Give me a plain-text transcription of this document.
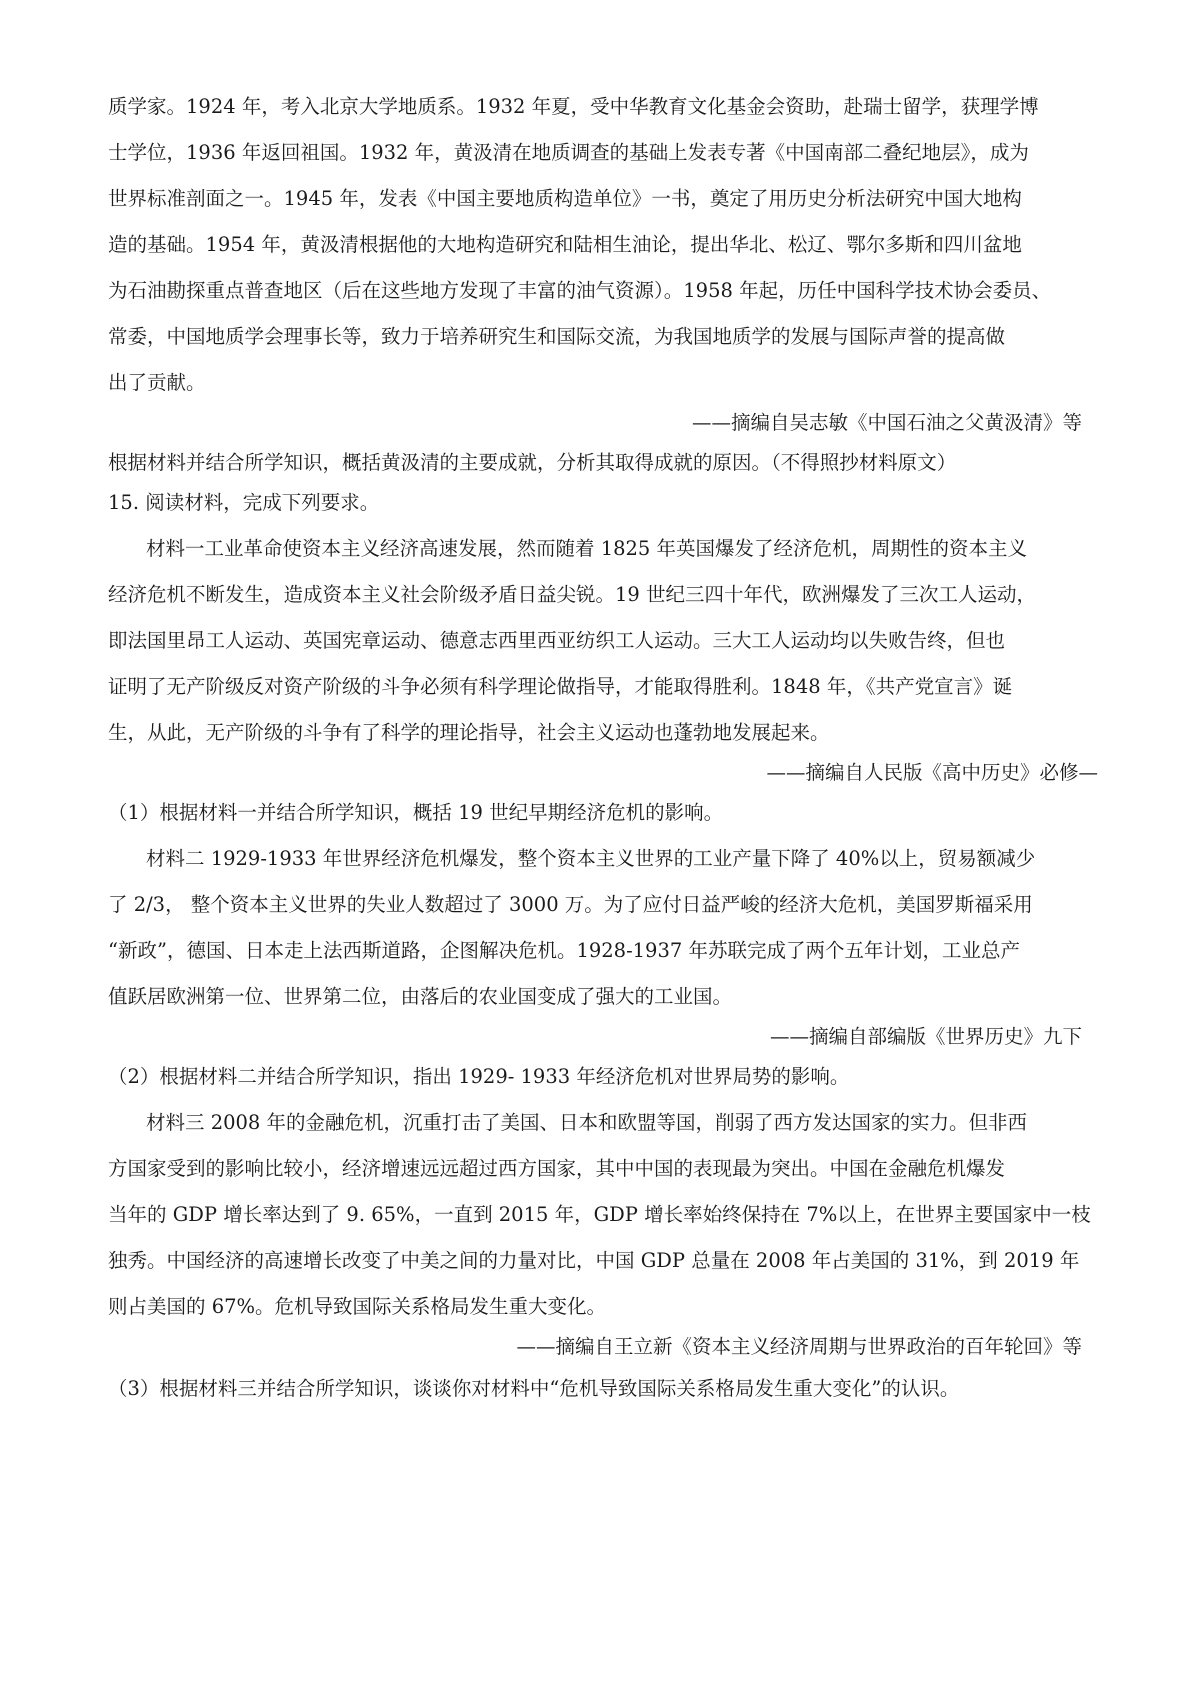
质学家。1924 年，考入北京大学地质系。1932 年夏，受中华教育文化基金会资助，赴瑞士留学，获理学博
士学位，1936 年返回祖国。1932 年，黄汲清在地质调查的基础上发表专著《中国南部二叠纪地层》，成为
世界标准剖面之一。1945 年，发表《中国主要地质构造单位》一书，奠定了用历史分析法研究中国大地构
造的基础。1954 年，黄汲清根据他的大地构造研究和陆相生油论，提出华北、松辽、鄂尔多斯和四川盆地
为石油勘探重点普查地区（后在这些地方发现了丰富的油气资源）。1958 年起，历任中国科学技术协会委员、
常委，中国地质学会理事长等，致力于培养研究生和国际交流，为我国地质学的发展与国际声誉的提高做
出了贡献。
——摘编自吴志敏《中国石油之父黄汲清》等
根据材料并结合所学知识，概括黄汲清的主要成就，分析其取得成就的原因。（不得照抄材料原文）
15. 阅读材料，完成下列要求。
材料一工业革命使资本主义经济高速发展，然而随着 1825 年英国爆发了经济危机，周期性的资本主义
经济危机不断发生，造成资本主义社会阶级矛盾日益尖锐。19 世纪三四十年代，欧洲爆发了三次工人运动，
即法国里昂工人运动、英国宪章运动、德意志西里西亚纺织工人运动。三大工人运动均以失败告终，但也
证明了无产阶级反对资产阶级的斗争必须有科学理论做指导，才能取得胜利。1848 年，《共产党宣言》诞
生，从此，无产阶级的斗争有了科学的理论指导，社会主义运动也蓬勃地发展起来。
——摘编自人民版《高中历史》必修—
（1）根据材料一并结合所学知识，概括 19 世纪早期经济危机的影响。
材料二 1929-1933 年世界经济危机爆发，整个资本主义世界的工业产量下降了 40%以上，贸易额减少
了 2/3， 整个资本主义世界的失业人数超过了 3000 万。为了应付日益严峻的经济大危机，美国罗斯福采用
“新政”，德国、日本走上法西斯道路，企图解决危机。1928-1937 年苏联完成了两个五年计划，工业总产
值跃居欧洲第一位、世界第二位，由落后的农业国变成了强大的工业国。
——摘编自部编版《世界历史》九下
（2）根据材料二并结合所学知识，指出 1929- 1933 年经济危机对世界局势的影响。
材料三 2008 年的金融危机，沉重打击了美国、日本和欧盟等国，削弱了西方发达国家的实力。但非西
方国家受到的影响比较小，经济增速远远超过西方国家，其中中国的表现最为突出。中国在金融危机爆发
当年的 GDP 增长率达到了 9. 65%，一直到 2015 年，GDP 增长率始终保持在 7%以上，在世界主要国家中一枝
独秀。中国经济的高速增长改变了中美之间的力量对比，中国 GDP 总量在 2008 年占美国的 31%，到 2019 年
则占美国的 67%。危机导致国际关系格局发生重大变化。
——摘编自王立新《资本主义经济周期与世界政治的百年轮回》等
（3）根据材料三并结合所学知识，谈谈你对材料中“危机导致国际关系格局发生重大变化”的认识。
